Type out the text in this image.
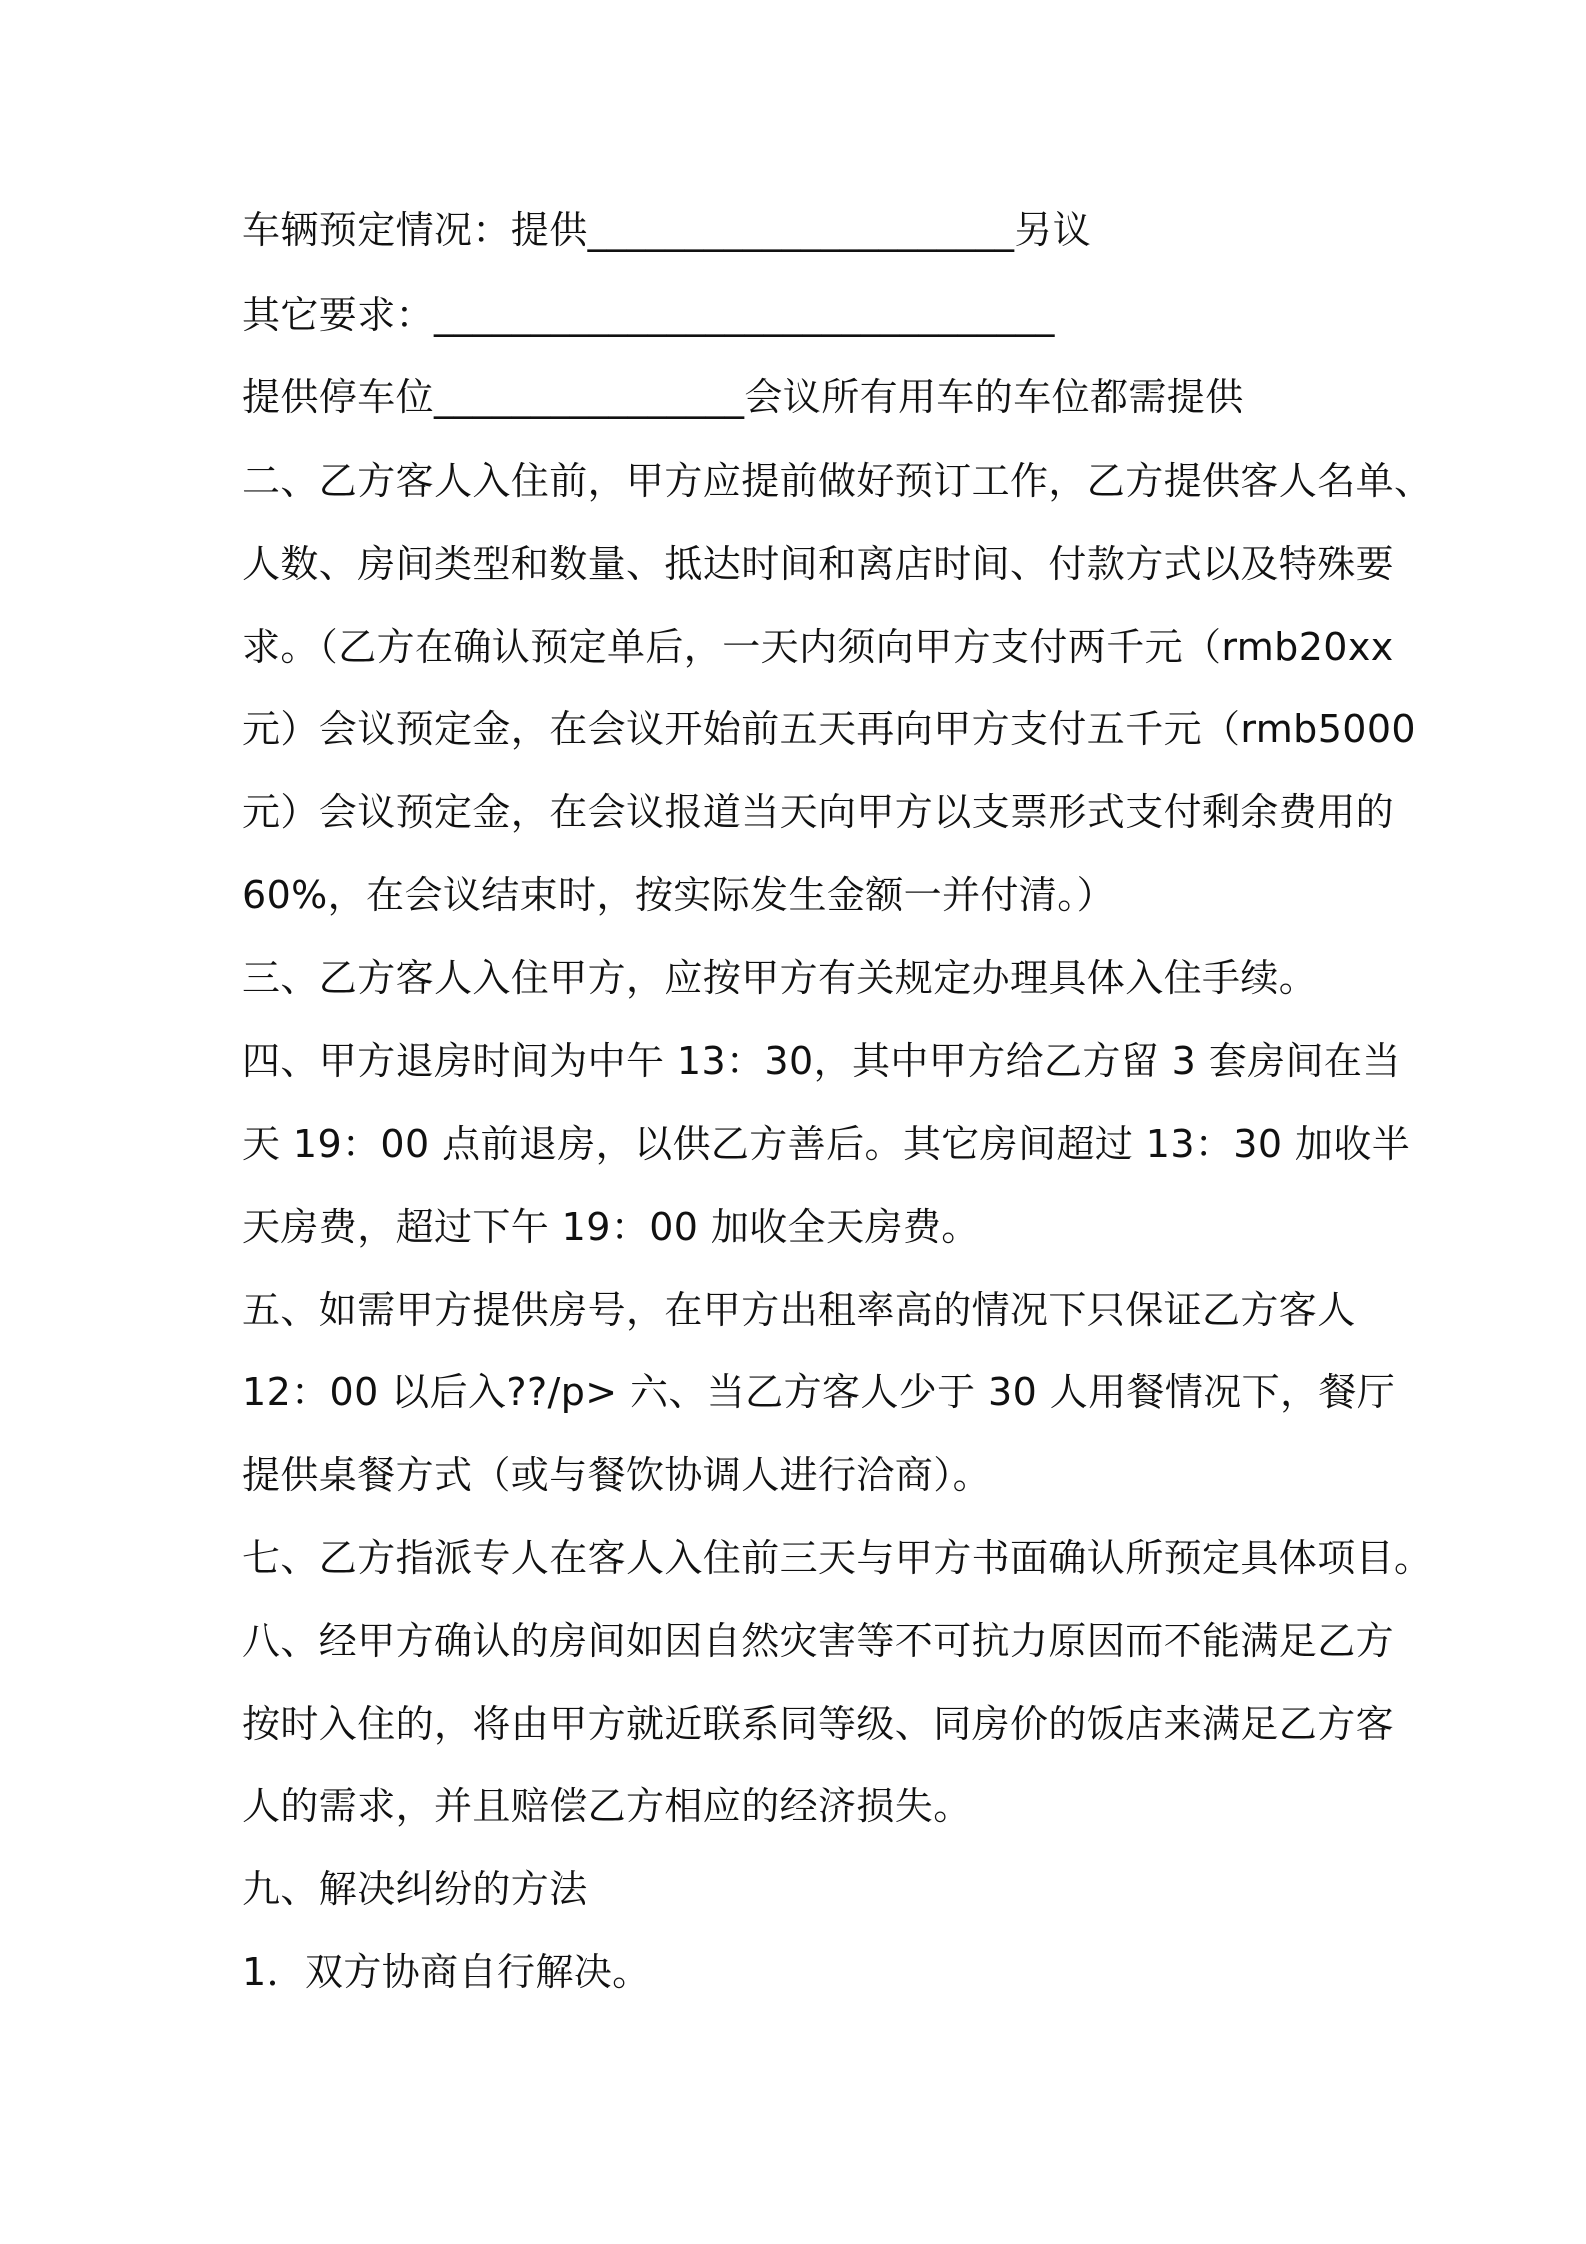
车辆预定情况：提供______________________另议

其它要求：________________________________

提供停车位________________会议所有用车的车位都需提供

二、乙方客人入住前，甲方应提前做好预订工作，乙方提供客人名单、

人数、房间类型和数量、抵达时间和离店时间、付款方式以及特殊要

求。（乙方在确认预定单后，一天内须向甲方支付两千元（rmb20xx

元）会议预定金，在会议开始前五天再向甲方支付五千元（rmb5000

元）会议预定金，在会议报道当天向甲方以支票形式支付剩余费用的

60%，在会议结束时，按实际发生金额一并付清。）

三、乙方客人入住甲方，应按甲方有关规定办理具体入住手续。

四、甲方退房时间为中午 13：30，其中甲方给乙方留 3 套房间在当

天 19：00 点前退房，以供乙方善后。其它房间超过 13：30 加收半

天房费，超过下午 19：00 加收全天房费。

五、如需甲方提供房号，在甲方出租率高的情况下只保证乙方客人

12：00 以后入??/p> 六、当乙方客人少于 30 人用餐情况下，餐厅

提供桌餐方式（或与餐饮协调人进行洽商）。

七、乙方指派专人在客人入住前三天与甲方书面确认所预定具体项目。

八、经甲方确认的房间如因自然灾害等不可抗力原因而不能满足乙方

按时入住的，将由甲方就近联系同等级、同房价的饭店来满足乙方客

人的需求，并且赔偿乙方相应的经济损失。

九、解决纠纷的方法

1．双方协商自行解决。
